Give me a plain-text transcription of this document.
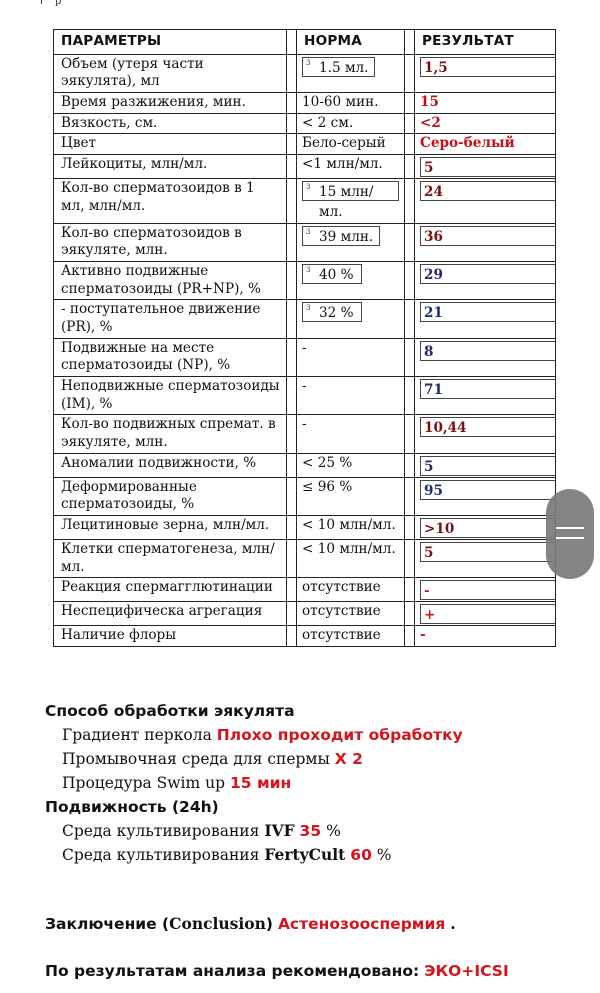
p
ПАРАМЕТРЫ		НОРМА		РЕЗУЛЬТАТ
Объем (утеря части эякулята), мл		3 1.5 мл.		1,5

Время разжижения, мин.		10-60 мин.		15
Вязкость, см.		< 2 см.		<2
Цвет		Бело-серый		Серо-белый
Лейкоциты, млн/мл.		<1 млн/мл.		5

Кол-во сперматозоидов в 1 мл, млн/мл.		3 15 млн/мл.		24

Кол-во сперматозоидов в эякуляте, млн.		3 39 млн.		36

Активно подвижные сперматозоиды (PR+NP), %		3 40 %		29

- поступательное движение (PR), %		3 32 %		21

Подвижные на месте сперматозоиды (NP), %		-		8

Неподвижные сперматозоиды (IM), %		-		71

Кол-во подвижных спремат. в эякуляте, млн.		-		10,44

Аномалии подвижности, %		< 25 %		5

Деформированные сперматозоиды, %		≤ 96 %		95

Лецитиновые зерна, млн/мл.		< 10 млн/мл.		>10

Клетки сперматогенеза, млн/мл.		< 10 млн/мл.		5

Реакция спермагглютинации		отсутствие		-

Неспецифическа агрегация		отсутствие		+

Наличие флоры		отсутствие		-
Способ обработки эякулята
Градиент перкола Плохо проходит обработку
Промывочная среда для спермы Х 2
Процедура Swim up 15 мин
Подвижность (24h)
Среда культивирования IVF 35 %
Среда культивирования FertyCult 60 %
Заключение (Conclusion) Астенозооспермия .
По результатам анализа рекомендовано: ЭКО+ICSI
